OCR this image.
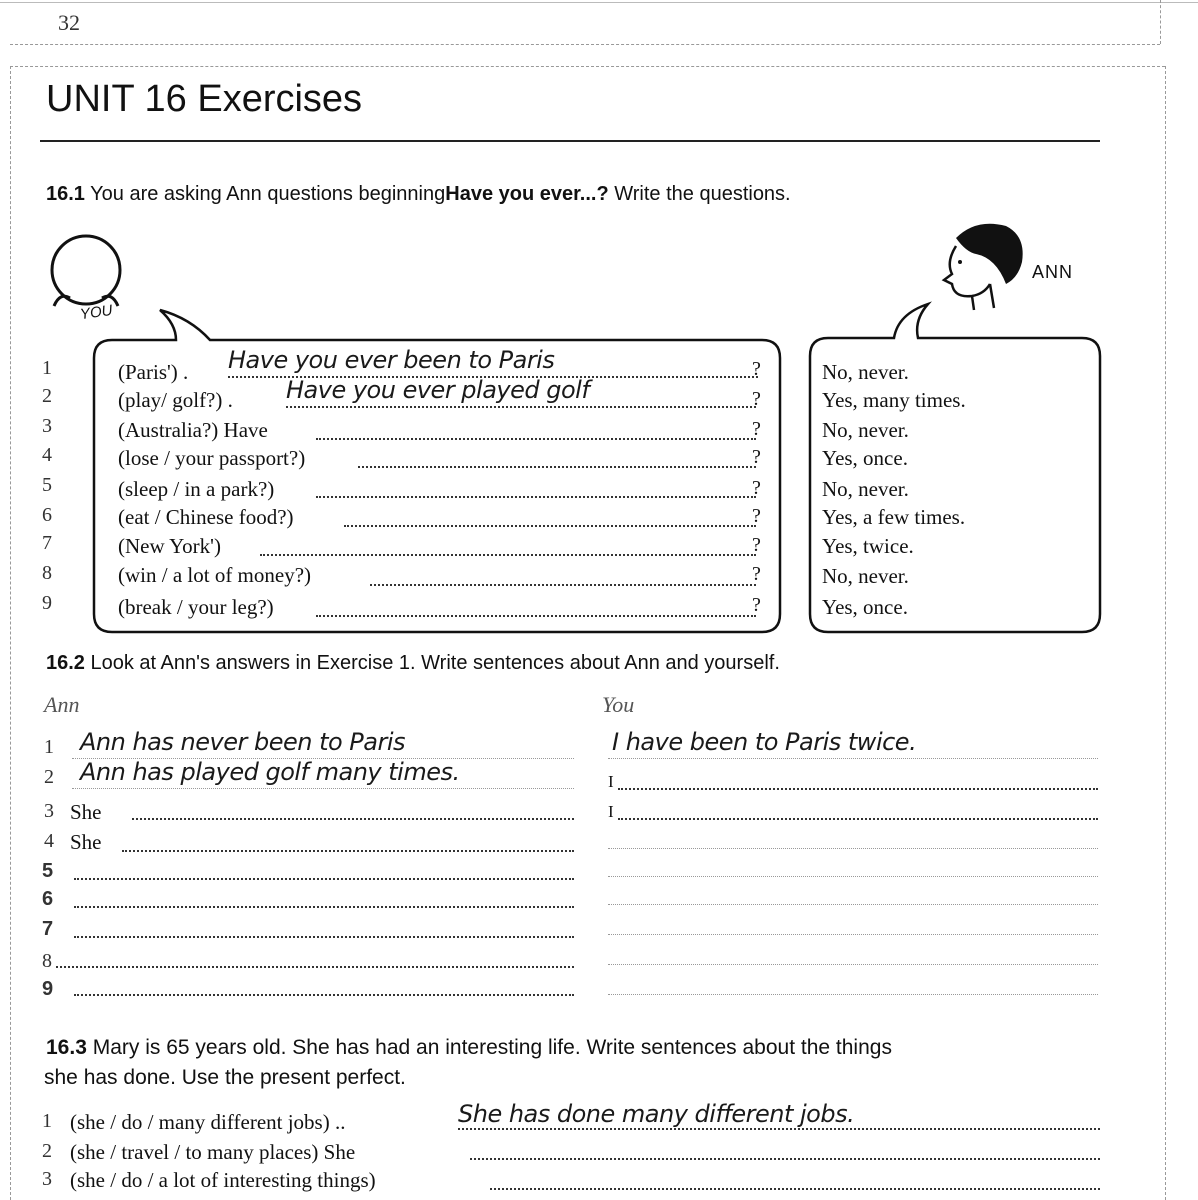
32
UNIT 16 Exercises
16.1 You are asking Ann questions beginningHave you ever...? Write the questions.
YOU
ANN
1	(Paris') . Have you ever been to Paris	?	No, never.
2	(play/ golf?) . Have you ever played golf	?	Yes, many times.
3	(Australia?) Have	?	No, never.
4	(lose / your passport?)	?	Yes, once.
5	(sleep / in a park?)	?	No, never.
6	(eat / Chinese food?)	?	Yes, a few times.
7	(New York')	?	Yes, twice.
8	(win / a lot of money?)	?	No, never.
9	(break / your leg?)	?	Yes, once.
16.2 Look at Ann's answers in Exercise 1. Write sentences about Ann and yourself.
Ann	You
1 Ann has never been to Paris	I have been to Paris twice.
2 Ann has played golf many times.	I
3 She	I
4 She
5
6
7
8
9
16.3 Mary is 65 years old. She has had an interesting life. Write sentences about the things
she has done. Use the present perfect.
1 (she / do / many different jobs) ..	She has done many different jobs.
2 (she / travel / to many places) She
3 (she / do / a lot of interesting things)
